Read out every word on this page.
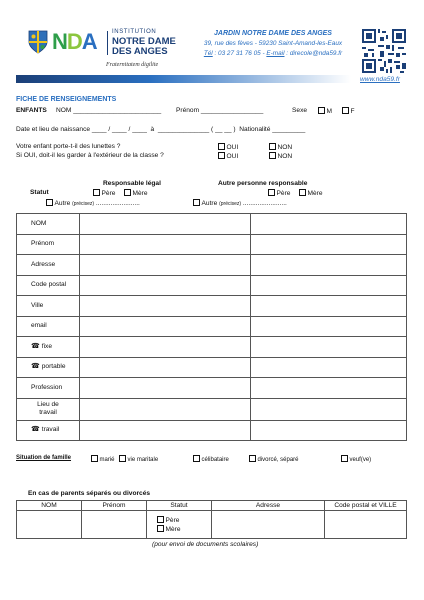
NDA	INSTITUTION
NOTRE DAME
DES ANGES
Fraternitatem digilite
JARDIN NOTRE DAME DES ANGES
39, rue des fèves - 59230 Saint-Amand-les-Eaux
Tél : 03 27 31 76 05 - E-mail : direcole@nda59.fr
www.nda59.fr
FICHE DE RENSEIGNEMENTS
ENFANTS NOM ________________________ Prénom _________________	Sexe	M	F
Date et lieu de naissance ____ / ____ / ____  à  ______________ ( __ __ )  Nationalité _________
Votre enfant porte-t-il des lunettes ?
Si OUI, doit-il les garder à l'extérieur de la classe ?
OUI	NON
OUI	NON
Responsable légal	Autre personne responsable
Statut	Père	Mère	Père	Mère
Autre (précisez) ........................	Autre (précisez) ........................
NOM		
Prénom		
Adresse		
Code postal		
Ville		
email		
☎ fixe		
☎ portable		
Profession		
Lieu de travail		
☎ travail		
Situation de famille	marié	vie maritale	célibataire	divorcé, séparé	veuf(ve)
En cas de parents séparés ou divorcés
NOM	Prénom	Statut	Adresse	Code postal et VILLE

		Père
Mère		

(pour envoi de documents scolaires)
